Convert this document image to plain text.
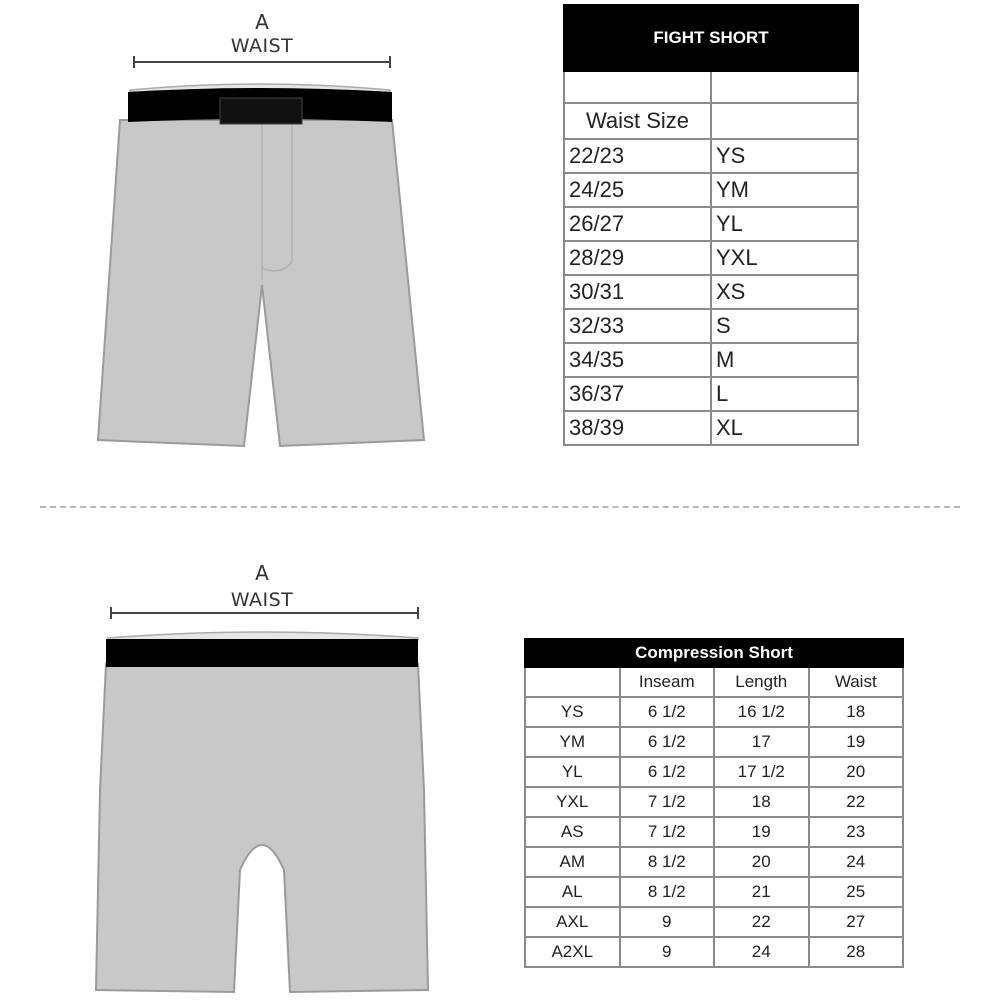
A
WAIST	FIGHT SHORT	

Waist Size	
22/23	YS
24/25	YM
26/27	YL
28/29	YXL
30/31	XS
32/33	S
34/35	M
36/37	L
38/39	XL
A
WAIST
Compression Short			
	Inseam	Length	Waist
YS	6 1/2	16 1/2	18
YM	6 1/2	17	19
YL	6 1/2	17 1/2	20
YXL	7 1/2	18	22
AS	7 1/2	19	23
AM	8 1/2	20	24
AL	8 1/2	21	25
AXL	9	22	27
A2XL	9	24	28
